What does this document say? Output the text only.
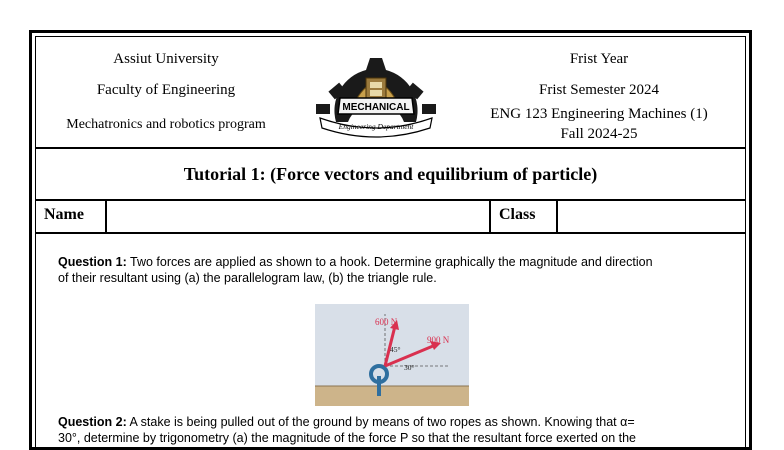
Assiut University
Faculty of Engineering
Mechatronics and robotics program
MECHANICAL
Engineering Department
Frist Year
Frist Semester 2024
ENG 123 Engineering Machines (1)
Fall 2024-25
Tutorial 1: (Force vectors and equilibrium of particle)
Name	Class
Question 1: Two forces are applied as shown to a hook. Determine graphically the magnitude and direction
of their resultant using (a) the parallelogram law, (b) the triangle rule.
600 N
900 N
45°
30°
Question 2: A stake is being pulled out of the ground by means of two ropes as shown. Knowing that α=
30°, determine by trigonometry (a) the magnitude of the force P so that the resultant force exerted on the
